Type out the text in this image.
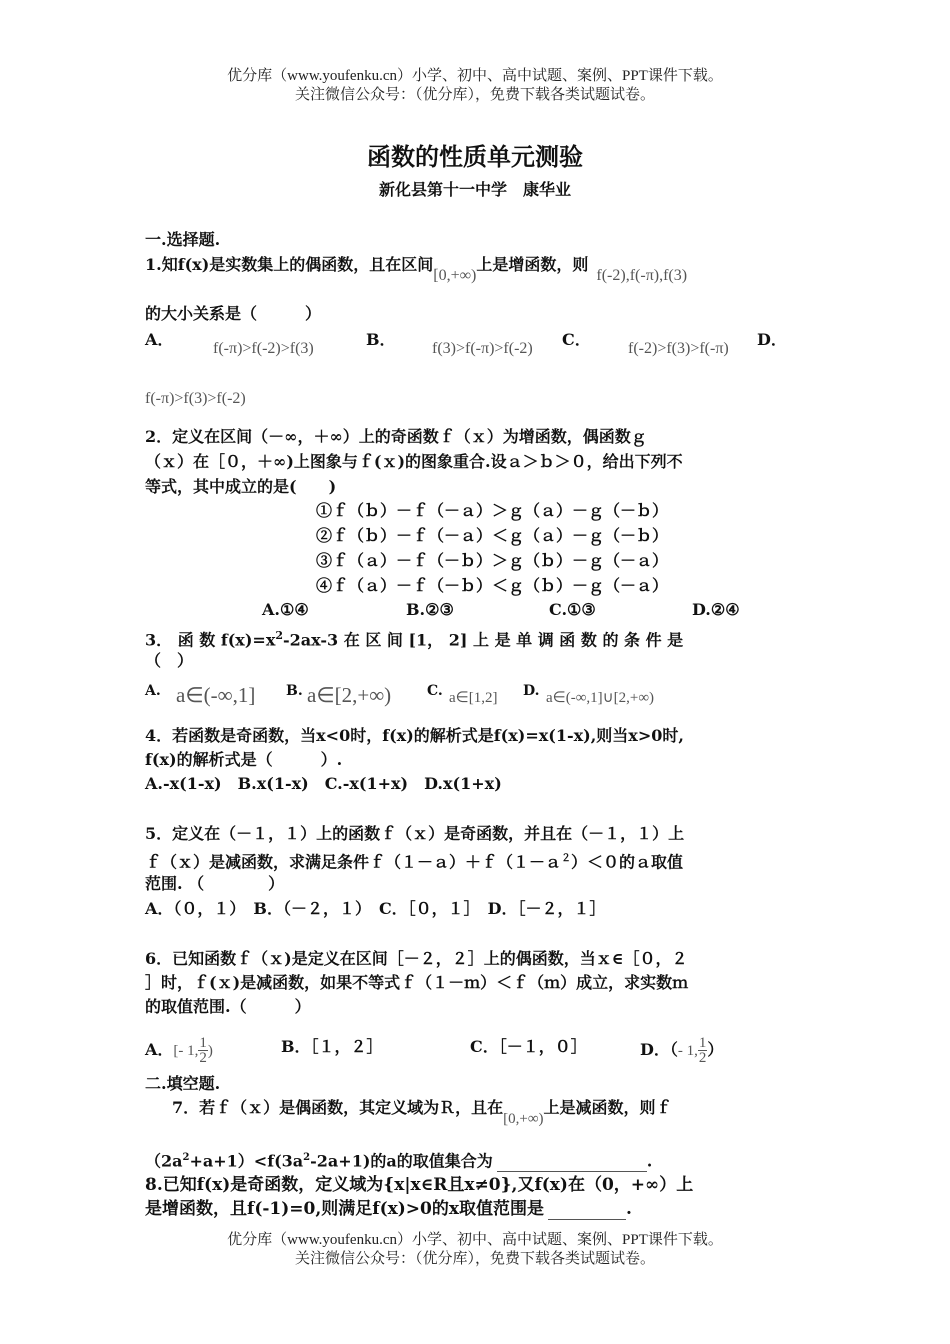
优分库（www.youfenku.cn）小学、初中、高中试题、案例、PPT课件下载。
关注微信公众号：（优分库），免费下载各类试题试卷。
函数的性质单元测验
新化县第十一中学　康华业
一.选择题.
1.知f(x)是实数集上的偶函数，且在区间[0,+∞)上是增函数，则f(-2),f(-π),f(3)
的大小关系是（　　　）
A． f(-π)>f(-2)>f(3)	B． f(3)>f(-π)>f(-2) C． f(-2)>f(3)>f(-π) D．
f(-π)>f(3)>f(-2)
2．定义在区间（－∞，＋∞）上的奇函数ｆ（ｘ）为增函数，偶函数ｇ
（ｘ）在［０，＋∞)上图象与ｆ(ｘ)的图象重合.设ａ＞ｂ＞０，给出下列不
等式，其中成立的是(　　)
①ｆ（ｂ）－ｆ（－ａ）＞ｇ（ａ）－ｇ（－ｂ）
②ｆ（ｂ）－ｆ（－ａ）＜ｇ（ａ）－ｇ（－ｂ）
③ｆ（ａ）－ｆ（－ｂ）＞ｇ（ｂ）－ｇ（－ａ）
④ｆ（ａ）－ｆ（－ｂ）＜ｇ（ｂ）－ｇ（－ａ）
A.①④	B.②③	C.①③	D.②④
3． 函 数 $f(x)=x^2-2ax-3$ 在 区 间 [1， 2] 上 是 单 调 函 数 的 条 件 是
（　）
A. a∈(-∞,1] B. a∈[2,+∞)	C. a∈[1,2] D. a∈(-∞,1]∪[2,+∞)
4．若函数是奇函数，当x<0时，f(x)的解析式是f(x)=x(1-x),则当x>0时,
f(x)的解析式是（　　　）.
A.-x(1-x)　B.x(1-x)　C.-x(1+x)　D.x(1+x)
5．定义在（－１，１）上的函数ｆ（ｘ）是奇函数，并且在（－１，１）上
ｆ（ｘ）是减函数，求满足条件ｆ（１－ａ）＋ｆ（１－ａ$^2$）＜０的ａ取值
范围. （　　　　）
A．（０，１）　B．（－２，１）　C．［０，１］　D．［－２，１］
6．已知函数ｆ（ｘ)是定义在区间［－２，２］上的偶函数，当ｘ∈［０，２
］时，ｆ(ｘ)是减函数，如果不等式ｆ（１－ｍ）＜ｆ（ｍ）成立，求实数ｍ
的取值范围.（　　　）
A．[- 1, $\frac{1}{2}$ )	B．［１，２］	C．［－１，０］	D．（- 1, $\frac{1}{2}$ ）
二.填空题.
7．若ｆ（ｘ）是偶函数，其定义域为Ｒ，且在[0,+∞)上是减函数，则ｆ
$(2a^2+a+1)<f(3a^2-2a+1)$的a的取值集合为	.
8.已知f(x)是奇函数，定义域为{x|x∈R且x≠0},又f(x)在（0，+∞）上
是增函数，且f(-1)=0,则满足f(x)>0的x取值范围是	.
优分库（www.youfenku.cn）小学、初中、高中试题、案例、PPT课件下载。
关注微信公众号：（优分库），免费下载各类试题试卷。
